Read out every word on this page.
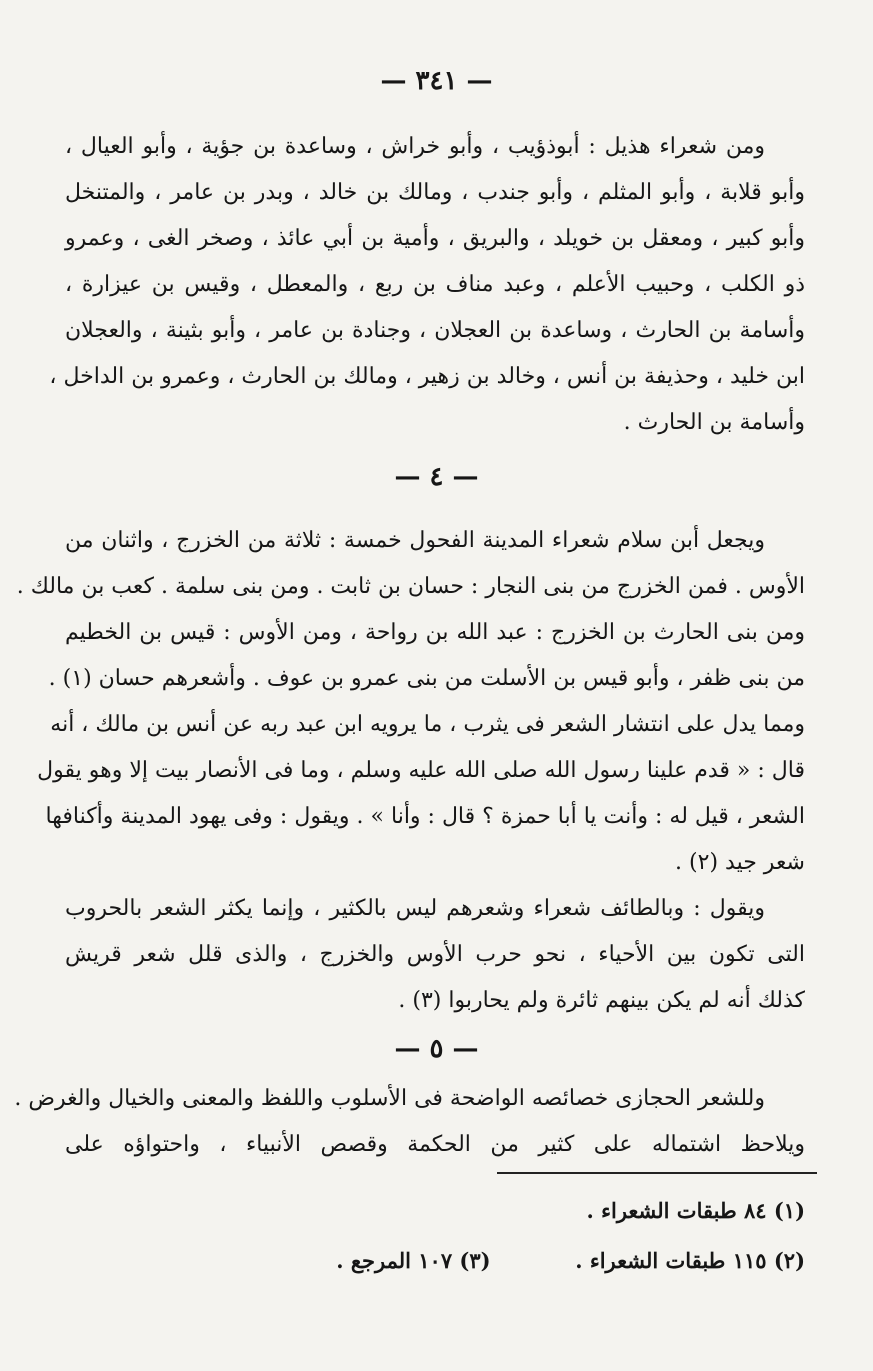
— ٣٤١ —
ومن شعراء هذيل : أبوذؤيب ، وأبو خراش ، وساعدة بن جؤية ، وأبو العيال ،
وأبو قلابة ، وأبو المثلم ، وأبو جندب ، ومالك بن خالد ، وبدر بن عامر ، والمتنخل
وأبو كبير ، ومعقل بن خويلد ، والبريق ، وأمية بن أبي عائذ ، وصخر الغى ، وعمرو
ذو الكلب ، وحبيب الأعلم ، وعبد مناف بن ربع ، والمعطل ، وقيس بن عيزارة ،
وأسامة بن الحارث ، وساعدة بن العجلان ، وجنادة بن عامر ، وأبو بثينة ، والعجلان
ابن خليد ، وحذيفة بن أنس ، وخالد بن زهير ، ومالك بن الحارث ، وعمرو بن الداخل ،
وأسامة بن الحارث .
— ٤ —
ويجعل أبن سلام شعراء المدينة الفحول خمسة : ثلاثة من الخزرج ، واثنان من
الأوس . فمن الخزرج من بنى النجار : حسان بن ثابت . ومن بنى سلمة . كعب بن مالك .
ومن بنى الحارث بن الخزرج : عبد الله بن رواحة ، ومن الأوس : قيس بن الخطيم
من بنى ظفر ، وأبو قيس بن الأسلت من بنى عمرو بن عوف . وأشعرهم حسان (١) .
ومما يدل على انتشار الشعر فى يثرب ، ما يرويه ابن عبد ربه عن أنس بن مالك ، أنه
قال : « قدم علينا رسول الله صلى الله عليه وسلم ، وما فى الأنصار بيت إلا وهو يقول
الشعر ، قيل له : وأنت يا أبا حمزة ؟ قال : وأنا » . ويقول : وفى يهود المدينة وأكنافها
شعر جيد (٢) .
ويقول : وبالطائف شعراء وشعرهم ليس بالكثير ، وإنما يكثر الشعر بالحروب
التى تكون بين الأحياء ، نحو حرب الأوس والخزرج ، والذى قلل شعر قريش
كذلك أنه لم يكن بينهم ثائرة ولم يحاربوا (٣) .
— ٥ —
وللشعر الحجازى خصائصه الواضحة فى الأسلوب واللفظ والمعنى والخيال والغرض .
ويلاحظ اشتماله على كثير من الحكمة وقصص الأنبياء ، واحتواؤه على
(١) ٨٤ طبقات الشعراء .
(٢) ١١٥ طبقات الشعراء .  (٣) ١٠٧ المرجع .
